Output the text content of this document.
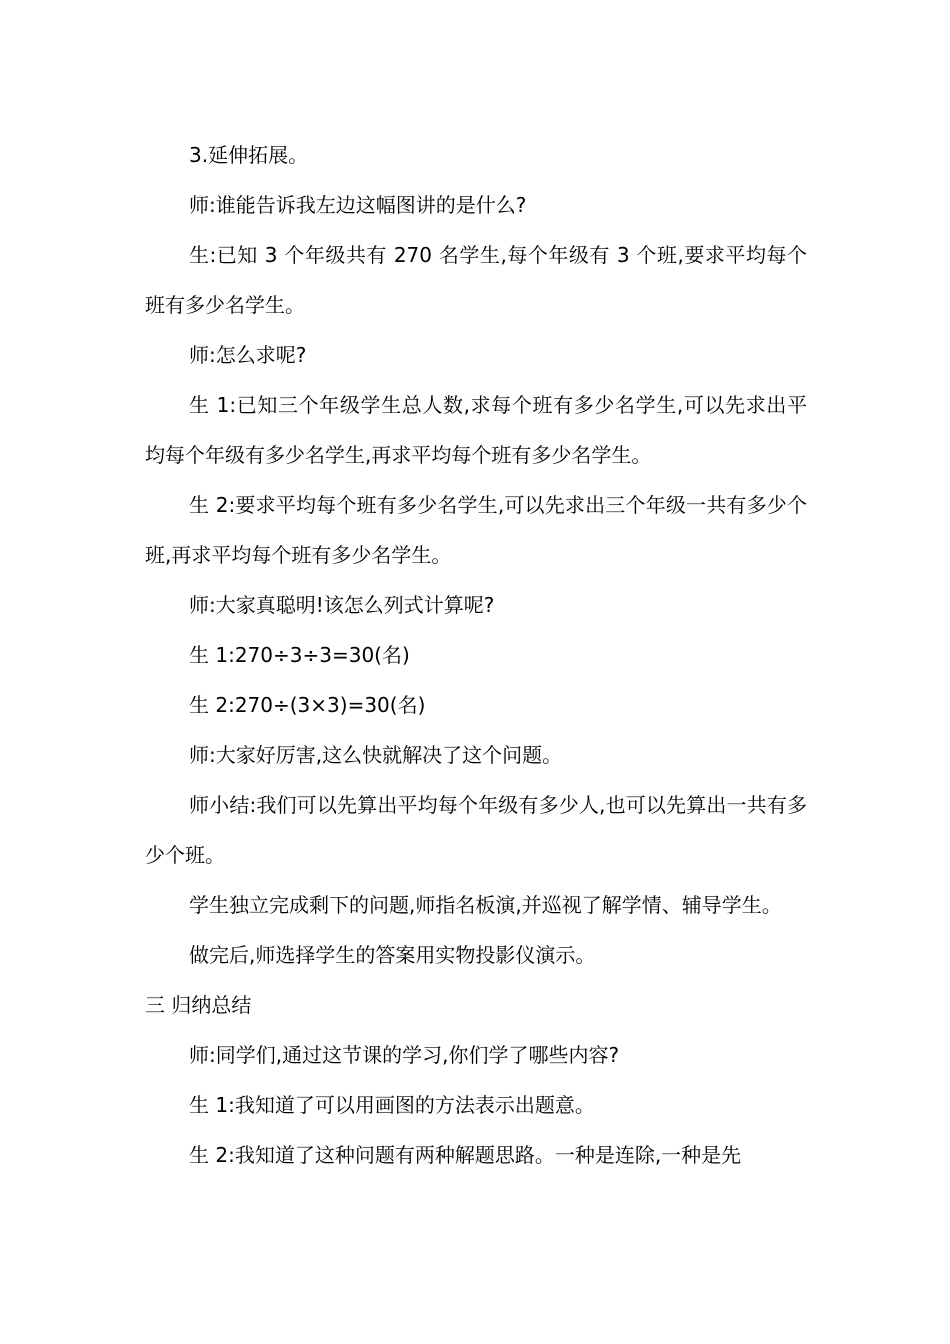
3.延伸拓展。

师:谁能告诉我左边这幅图讲的是什么?

生:已知 3 个年级共有 270 名学生,每个年级有 3 个班,要求平均每个班有多少名学生。

师:怎么求呢?

生 1:已知三个年级学生总人数,求每个班有多少名学生,可以先求出平均每个年级有多少名学生,再求平均每个班有多少名学生。

生 2:要求平均每个班有多少名学生,可以先求出三个年级一共有多少个班,再求平均每个班有多少名学生。

师:大家真聪明!该怎么列式计算呢?

生 1:270÷3÷3=30(名)

生 2:270÷(3×3)=30(名)

师:大家好厉害,这么快就解决了这个问题。

师小结:我们可以先算出平均每个年级有多少人,也可以先算出一共有多少个班。

学生独立完成剩下的问题,师指名板演,并巡视了解学情、辅导学生。

做完后,师选择学生的答案用实物投影仪演示。

三 归纳总结

师:同学们,通过这节课的学习,你们学了哪些内容?

生 1:我知道了可以用画图的方法表示出题意。

生 2:我知道了这种问题有两种解题思路。一种是连除,一种是先
